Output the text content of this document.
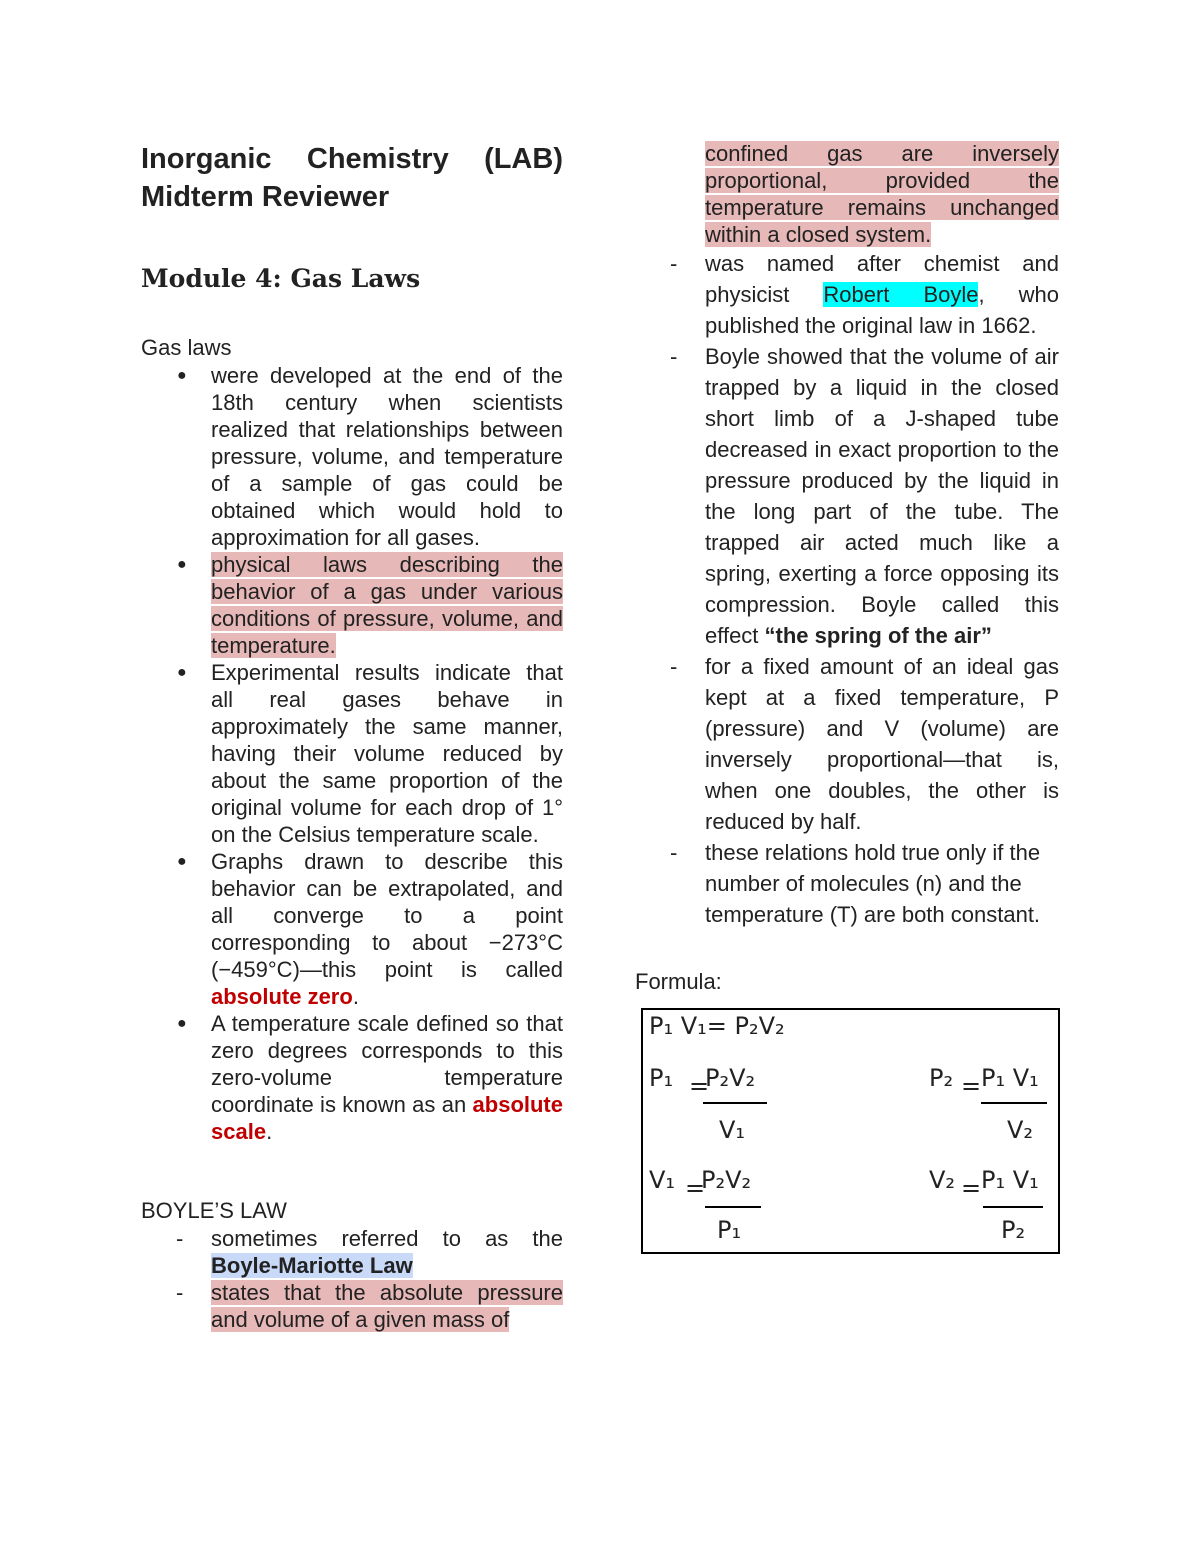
Inorganic Chemistry (LAB)
Midterm Reviewer
Module 4: Gas Laws
Gas laws
● were developed at the end of the 18th century when scientists realized that relationships between pressure, volume, and temperature of a sample of gas could be obtained which would hold to approximation for all gases.
● physical laws describing the behavior of a gas under various conditions of pressure, volume, and temperature.
● Experimental results indicate that all real gases behave in approximately the same manner, having their volume reduced by about the same proportion of the original volume for each drop of 1° on the Celsius temperature scale.
● Graphs drawn to describe this behavior can be extrapolated, and all converge to a point corresponding to about −273°C (−459°C)—this point is called absolute zero.
● A temperature scale defined so that zero degrees corresponds to this zero-volume temperature coordinate is known as an absolute scale.
BOYLE’S LAW
- sometimes referred to as the Boyle-Mariotte Law
- states that the absolute pressure and volume of a given mass of
confined gas are inversely proportional, provided the temperature remains unchanged within a closed system.
- was named after chemist and physicist Robert Boyle, who published the original law in 1662.
- Boyle showed that the volume of air trapped by a liquid in the closed short limb of a J-shaped tube decreased in exact proportion to the pressure produced by the liquid in the long part of the tube. The trapped air acted much like a spring, exerting a force opposing its compression. Boyle called this effect “the spring of the air”
- for a fixed amount of an ideal gas kept at a fixed temperature, P (pressure) and V (volume) are inversely proportional—that is, when one doubles, the other is reduced by half.
- these relations hold true only if the number of molecules (n) and the temperature (T) are both constant.
Formula:
P₁ V₁= P₂V₂
P₁ =
P₂V₂
V₁
P₂ = P₁ V₁
V₂
V₁ =
P₂V₂
P₁
V₂ = P₁ V₁
P₂
